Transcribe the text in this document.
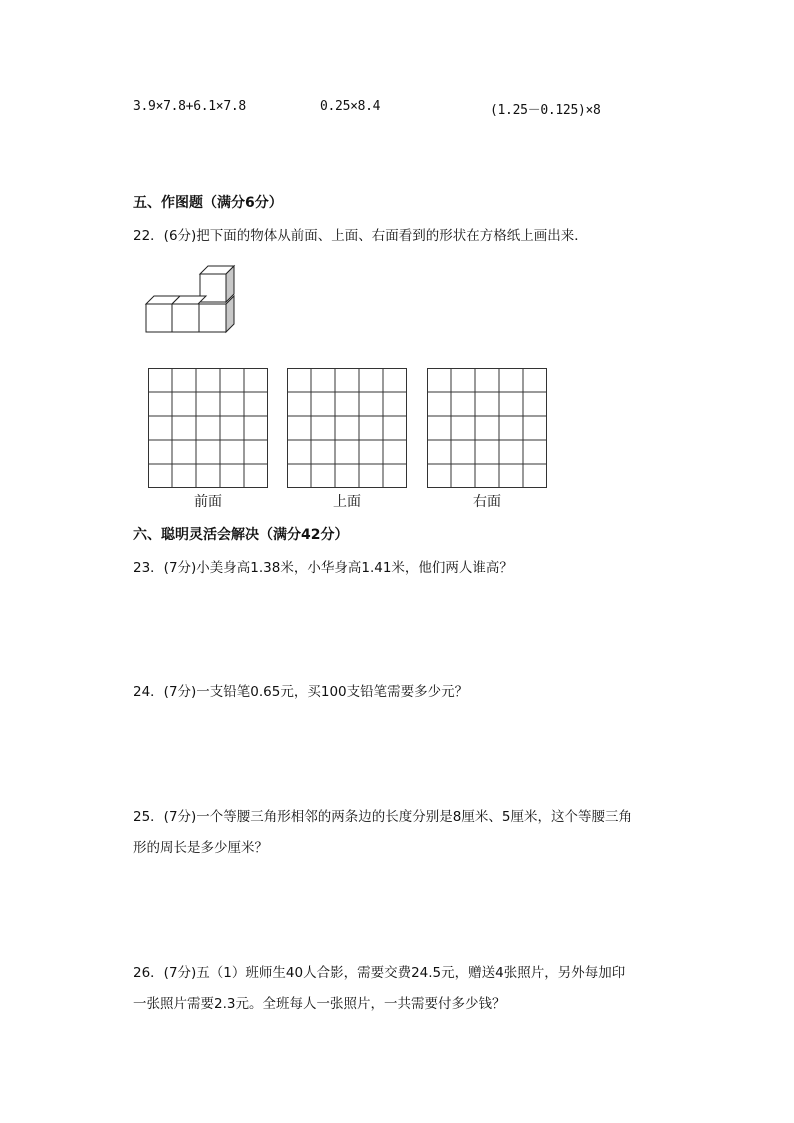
3.9×7.8+6.1×7.8	0.25×8.4	(1.25－0.125)×8
五、作图题（满分6分）
22．(6分)把下面的物体从前面、上面、右面看到的形状在方格纸上画出来．
前面	上面	右面
六、聪明灵活会解决（满分42分）
23．(7分)小美身高1.38米，小华身高1.41米，他们两人谁高？
24．(7分)一支铅笔0.65元，买100支铅笔需要多少元？
25．(7分)一个等腰三角形相邻的两条边的长度分别是8厘米、5厘米，这个等腰三角
形的周长是多少厘米？
26．(7分)五（1）班师生40人合影，需要交费24.5元，赠送4张照片，另外每加印
一张照片需要2.3元。全班每人一张照片，一共需要付多少钱？
